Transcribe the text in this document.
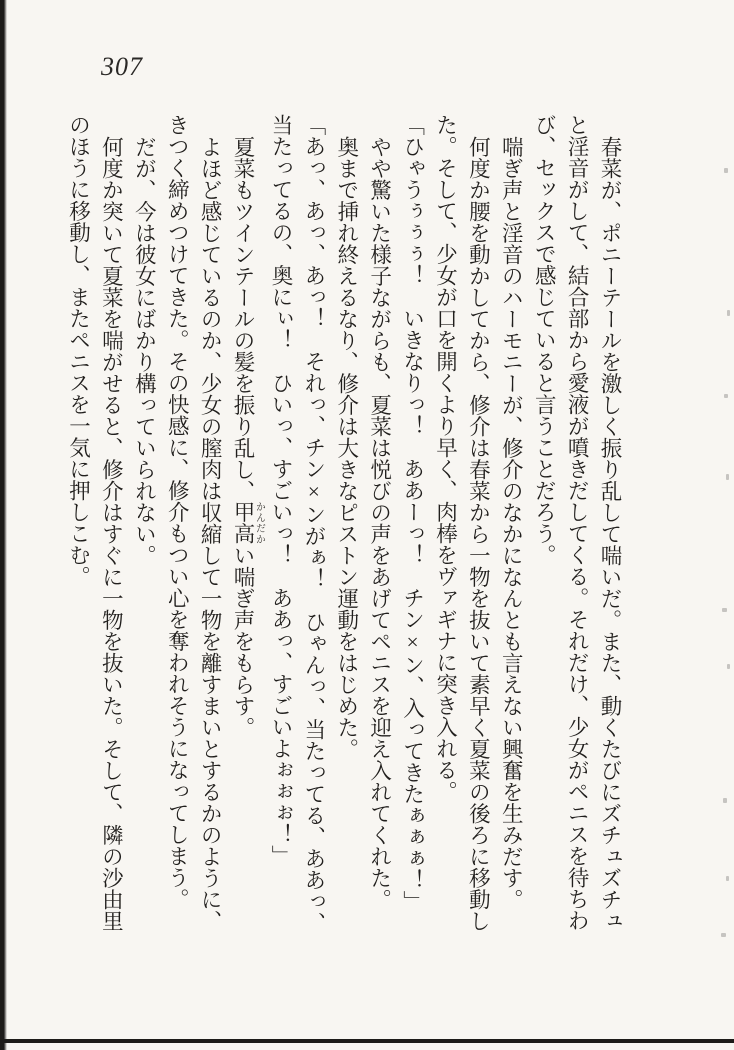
307

春菜が、ポニーテールを激しく振り乱して喘いだ。また、動くたびにズチュズチュと淫音がして、結合部から愛液が噴きだしてくる。それだけ、少女がペニスを待ちわび、セックスで感じていると言うことだろう。

喘ぎ声と淫音のハーモニーが、修介のなかになんとも言えない興奮を生みだす。

何度か腰を動かしてから、修介は春菜から一物を抜いて素早く夏菜の後ろに移動した。そして、少女が口を開くより早く、肉棒をヴァギナに突き入れる。

「ひゃうぅぅぅ！　いきなりっ！　ああーっ！　チン×ン、入ってきたぁぁぁ！」

やや驚いた様子ながらも、夏菜は悦びの声をあげてペニスを迎え入れてくれた。

奥まで挿れ終えるなり、修介は大きなピストン運動をはじめた。

「あっ、あっ、あっ！　それっ、チン×ンがぁ！　ひゃんっ、当たってる、ああっ、当たってるの、奥にぃ！　ひいっ、すごいっ！　ああっ、すごいよぉぉぉ！」

夏菜もツインテールの髪を振り乱し、甲高かんだかい喘ぎ声をもらす。

よほど感じているのか、少女の膣肉は収縮して一物を離すまいとするかのように、きつく締めつけてきた。その快感に、修介もつい心を奪われそうになってしまう。

だが、今は彼女にばかり構っていられない。

何度か突いて夏菜を喘がせると、修介はすぐに一物を抜いた。そして、隣の沙由里のほうに移動し、またペニスを一気に押しこむ。
